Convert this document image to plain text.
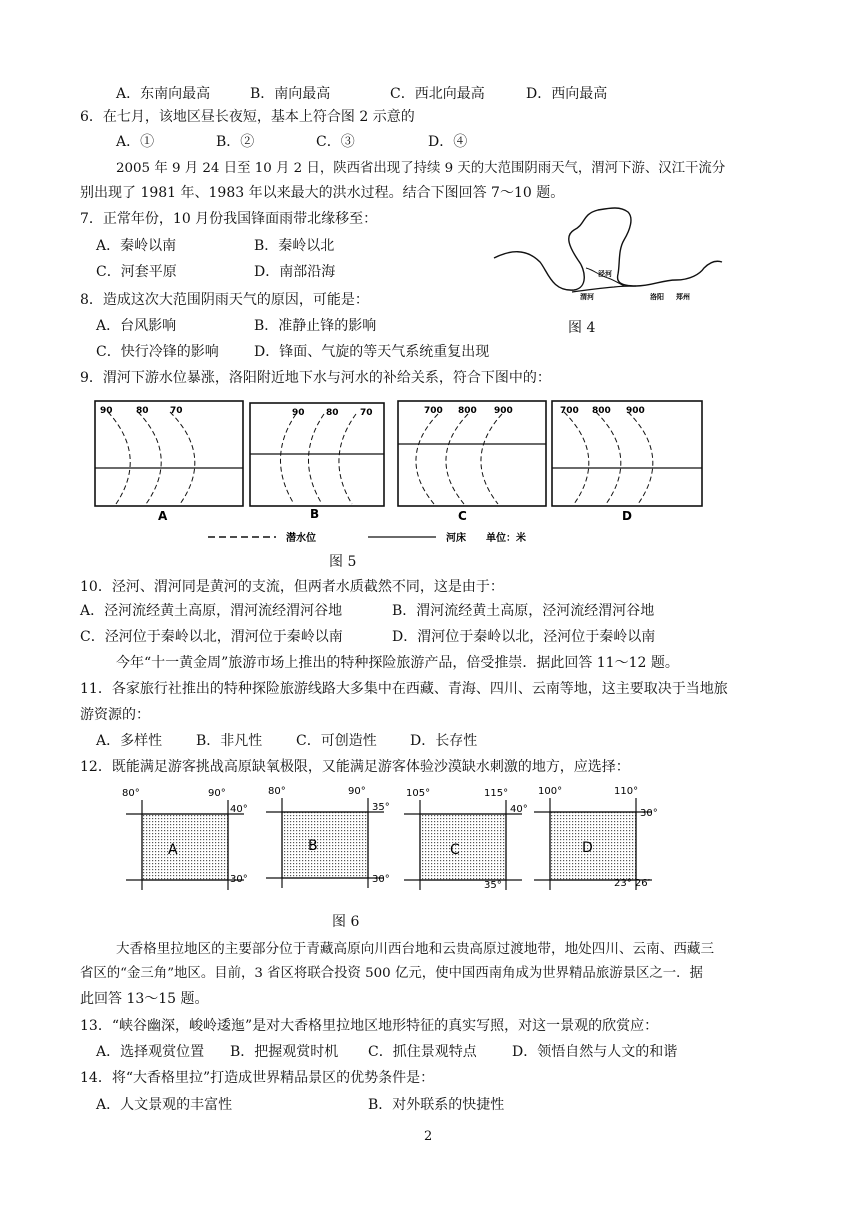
A．东南向最高	B．南向最高	C．西北向最高	D．西向最高
6．在七月，该地区昼长夜短，基本上符合图 2 示意的
A．①	B．②	C．③	D．④
2005 年 9 月 24 日至 10 月 2 日，陕西省出现了持续 9 天的大范围阴雨天气，渭河下游、汉江干流分
别出现了 1981 年、1983 年以来最大的洪水过程。结合下图回答 7～10 题。
7．正常年份，10 月份我国锋面雨带北缘移至：
A．秦岭以南	B．秦岭以北
C．河套平原	D．南部沿海	泾河
渭河	洛阳 郑州
图 4
8．造成这次大范围阴雨天气的原因，可能是：
A．台风影响	B．准静止锋的影响
C．快行冷锋的影响	D．锋面、气旋的等天气系统重复出现
9．渭河下游水位暴涨，洛阳附近地下水与河水的补给关系，符合下图中的：
90	80 70
A
90 80 70
B
700 800 900
C
700 800 900
D
潜水位	河床 单位：米
图 5
10．泾河、渭河同是黄河的支流，但两者水质截然不同，这是由于：
A．泾河流经黄土高原，渭河流经渭河谷地	B．渭河流经黄土高原，泾河流经渭河谷地
C．泾河位于秦岭以北，渭河位于秦岭以南	D．渭河位于秦岭以北，泾河位于秦岭以南
今年“十一黄金周”旅游市场上推出的特种探险旅游产品，倍受推崇．据此回答 11～12 题。
11．各家旅行社推出的特种探险旅游线路大多集中在西藏、青海、四川、云南等地，这主要取决于当地旅
游资源的：
A．多样性 B．非凡性 C．可创造性 D．长存性
12．既能满足游客挑战高原缺氧极限，又能满足游客体验沙漠缺水刺激的地方，应选择：
80°	90°
40°
30°
A
80°	90°
35°
30°
B
105°	115°
40°
35°
C
100°	110°
30°
23° 26′
D
图 6
大香格里拉地区的主要部分位于青藏高原向川西台地和云贵高原过渡地带，地处四川、云南、西藏三
省区的“金三角”地区。目前，3 省区将联合投资 500 亿元，使中国西南角成为世界精品旅游景区之一．据
此回答 13～15 题。
13．“峡谷幽深，峻岭逶迤”是对大香格里拉地区地形特征的真实写照，对这一景观的欣赏应：
A．选择观赏位置 B．把握观赏时机 C．抓住景观特点	D．领悟自然与人文的和谐
14．将“大香格里拉”打造成世界精品景区的优势条件是：
A．人文景观的丰富性	B．对外联系的快捷性
2
